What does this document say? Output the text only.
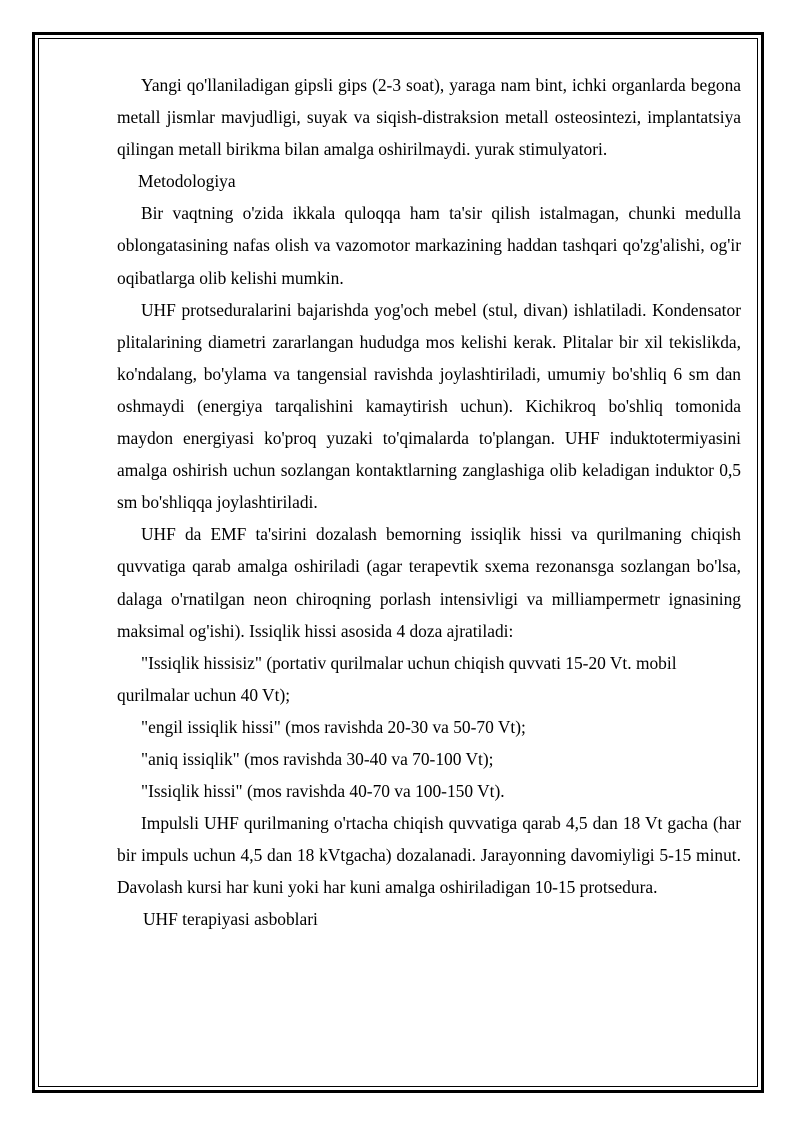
Yangi qo'llaniladigan gipsli gips (2-3 soat), yaraga nam bint, ichki organlarda begona metall jismlar mavjudligi, suyak va siqish-distraksion metall osteosintezi, implantatsiya qilingan metall birikma bilan amalga oshirilmaydi. yurak stimulyatori.

Metodologiya

Bir vaqtning o'zida ikkala quloqqa ham ta'sir qilish istalmagan, chunki medulla oblongatasining nafas olish va vazomotor markazining haddan tashqari qo'zg'alishi, og'ir oqibatlarga olib kelishi mumkin.

UHF protseduralarini bajarishda yog'och mebel (stul, divan) ishlatiladi. Kondensator plitalarining diametri zararlangan hududga mos kelishi kerak. Plitalar bir xil tekislikda, ko'ndalang, bo'ylama va tangensial ravishda joylashtiriladi, umumiy bo'shliq 6 sm dan oshmaydi (energiya tarqalishini kamaytirish uchun). Kichikroq bo'shliq tomonida maydon energiyasi ko'proq yuzaki to'qimalarda to'plangan. UHF induktotermiyasini amalga oshirish uchun sozlangan kontaktlarning zanglashiga olib keladigan induktor 0,5 sm bo'shliqqa joylashtiriladi.

UHF da EMF ta'sirini dozalash bemorning issiqlik hissi va qurilmaning chiqish quvvatiga qarab amalga oshiriladi (agar terapevtik sxema rezonansga sozlangan bo'lsa, dalaga o'rnatilgan neon chiroqning porlash intensivligi va milliampermetr ignasining maksimal og'ishi). Issiqlik hissi asosida 4 doza ajratiladi:

"Issiqlik hissisiz" (portativ qurilmalar uchun chiqish quvvati 15-20 Vt. mobil qurilmalar uchun 40 Vt);

"engil issiqlik hissi" (mos ravishda 20-30 va 50-70 Vt);

"aniq issiqlik" (mos ravishda 30-40 va 70-100 Vt);

"Issiqlik hissi" (mos ravishda 40-70 va 100-150 Vt).

Impulsli UHF qurilmaning o'rtacha chiqish quvvatiga qarab 4,5 dan 18 Vt gacha (har bir impuls uchun 4,5 dan 18 kVtgacha) dozalanadi. Jarayonning davomiyligi 5-15 minut. Davolash kursi har kuni yoki har kuni amalga oshiriladigan 10-15 protsedura.

UHF terapiyasi asboblari
